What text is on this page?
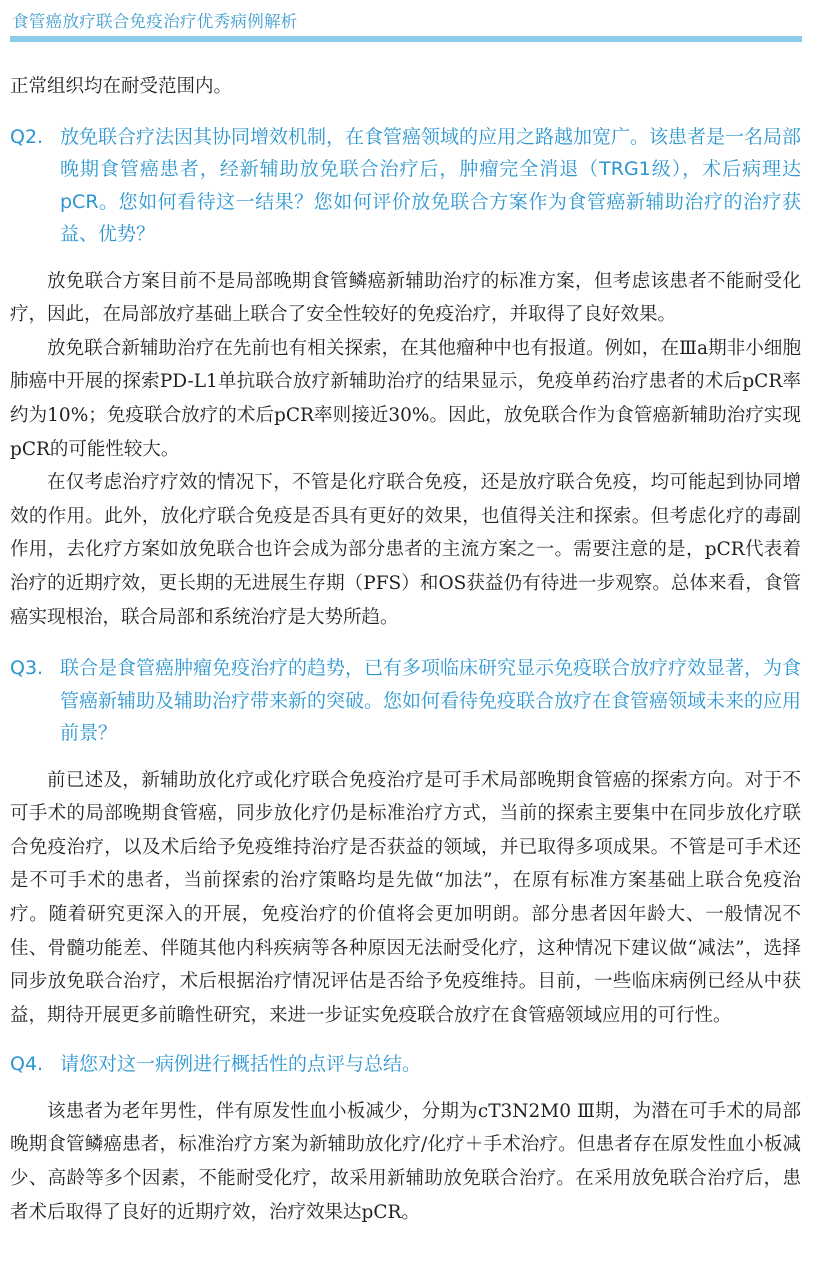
食管癌放疗联合免疫治疗优秀病例解析

正常组织均在耐受范围内。

Q2. 放免联合疗法因其协同增效机制，在食管癌领域的应用之路越加宽广。该患者是一名局部晚期食管癌患者，经新辅助放免联合治疗后，肿瘤完全消退（TRG1级），术后病理达pCR。您如何看待这一结果？您如何评价放免联合方案作为食管癌新辅助治疗的治疗获益、优势？

放免联合方案目前不是局部晚期食管鳞癌新辅助治疗的标准方案，但考虑该患者不能耐受化疗，因此，在局部放疗基础上联合了安全性较好的免疫治疗，并取得了良好效果。

放免联合新辅助治疗在先前也有相关探索，在其他瘤种中也有报道。例如，在Ⅲa期非小细胞肺癌中开展的探索PD-L1单抗联合放疗新辅助治疗的结果显示，免疫单药治疗患者的术后pCR率约为10%；免疫联合放疗的术后pCR率则接近30%。因此，放免联合作为食管癌新辅助治疗实现pCR的可能性较大。

在仅考虑治疗疗效的情况下，不管是化疗联合免疫，还是放疗联合免疫，均可能起到协同增效的作用。此外，放化疗联合免疫是否具有更好的效果，也值得关注和探索。但考虑化疗的毒副作用，去化疗方案如放免联合也许会成为部分患者的主流方案之一。需要注意的是，pCR代表着治疗的近期疗效，更长期的无进展生存期（PFS）和OS获益仍有待进一步观察。总体来看，食管癌实现根治，联合局部和系统治疗是大势所趋。

Q3. 联合是食管癌肿瘤免疫治疗的趋势，已有多项临床研究显示免疫联合放疗疗效显著，为食管癌新辅助及辅助治疗带来新的突破。您如何看待免疫联合放疗在食管癌领域未来的应用前景？

前已述及，新辅助放化疗或化疗联合免疫治疗是可手术局部晚期食管癌的探索方向。对于不可手术的局部晚期食管癌，同步放化疗仍是标准治疗方式，当前的探索主要集中在同步放化疗联合免疫治疗，以及术后给予免疫维持治疗是否获益的领域，并已取得多项成果。不管是可手术还是不可手术的患者，当前探索的治疗策略均是先做“加法”，在原有标准方案基础上联合免疫治疗。随着研究更深入的开展，免疫治疗的价值将会更加明朗。部分患者因年龄大、一般情况不佳、骨髓功能差、伴随其他内科疾病等各种原因无法耐受化疗，这种情况下建议做“减法”，选择同步放免联合治疗，术后根据治疗情况评估是否给予免疫维持。目前，一些临床病例已经从中获益，期待开展更多前瞻性研究，来进一步证实免疫联合放疗在食管癌领域应用的可行性。

Q4. 请您对这一病例进行概括性的点评与总结。

该患者为老年男性，伴有原发性血小板减少，分期为cT3N2M0 Ⅲ期，为潜在可手术的局部晚期食管鳞癌患者，标准治疗方案为新辅助放化疗/化疗＋手术治疗。但患者存在原发性血小板减少、高龄等多个因素，不能耐受化疗，故采用新辅助放免联合治疗。在采用放免联合治疗后，患者术后取得了良好的近期疗效，治疗效果达pCR。
